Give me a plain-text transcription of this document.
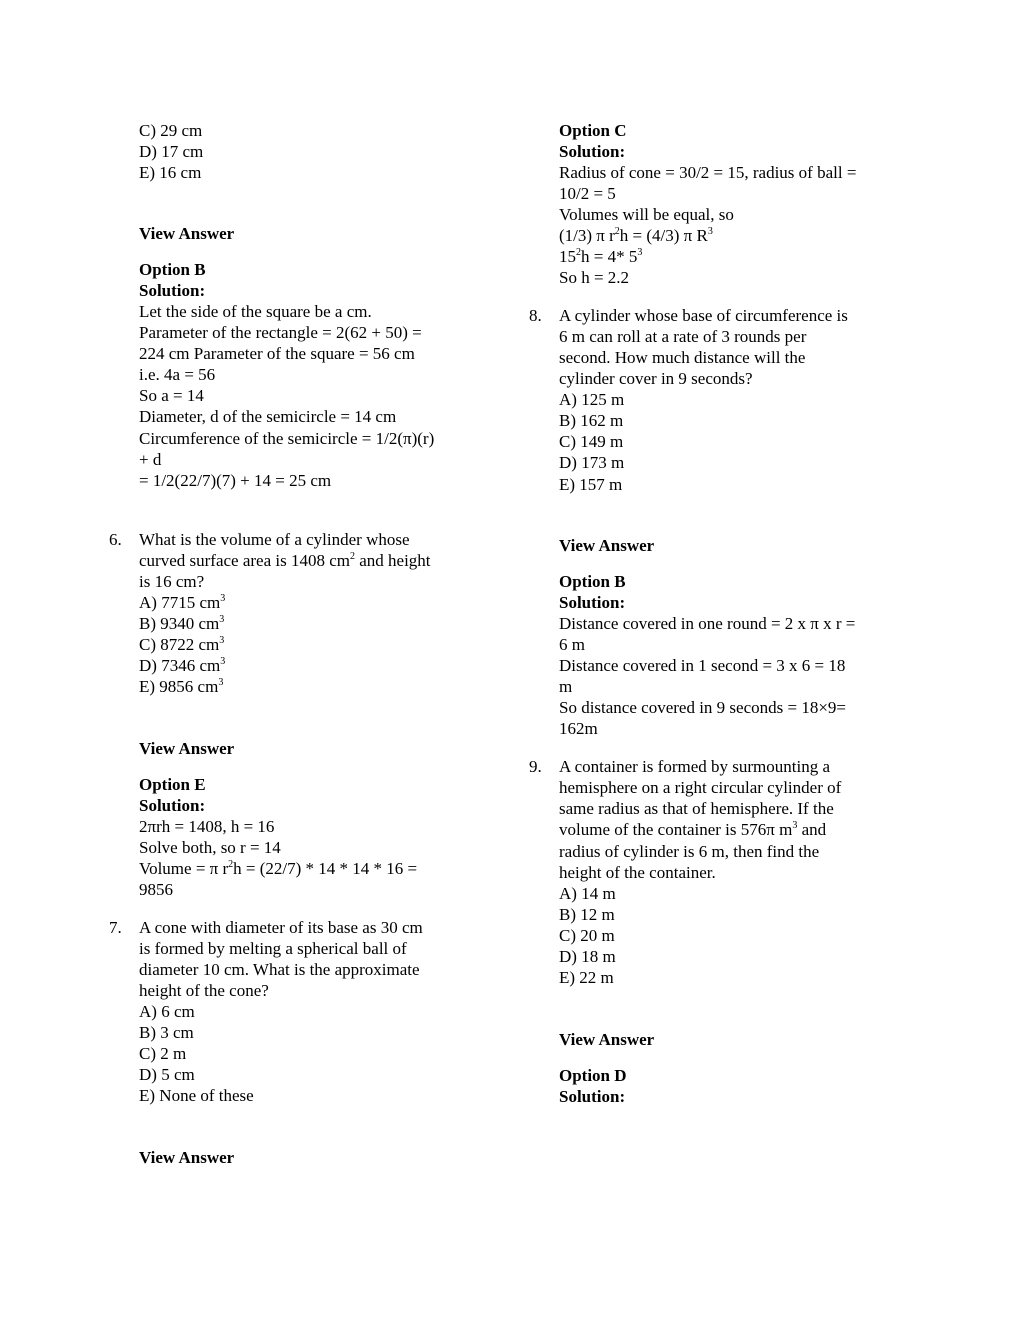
C) 29 cm
D) 17 cm
E) 16 cm
View Answer
Option B
Solution:
Let the side of the square be a cm.
Parameter of the rectangle = 2(62 + 50) =
224 cm Parameter of the square = 56 cm
i.e. 4a = 56
So a = 14
Diameter, d of the semicircle = 14 cm
Circumference of the semicircle = 1/2(π)(r)
+ d
= 1/2(22/7)(7) + 14 = 25 cm
6. What is the volume of a cylinder whose
curved surface area is 1408 $cm^2$ and height
is 16 cm?
A) 7715 $cm^3$
B) 9340 $cm^3$
C) 8722 $cm^3$
D) 7346 $cm^3$
E) 9856 $cm^3$
View Answer
Option E
Solution:
2πrh = 1408, h = 16
Solve both, so r = 14
Volume = π $r^2h = (22/7) * 14 * 14 * 16$ =
9856
7. A cone with diameter of its base as 30 cm
is formed by melting a spherical ball of
diameter 10 cm. What is the approximate
height of the cone?
A) 6 cm
B) 3 cm
C) 2 m
D) 5 cm
E) None of these
View Answer
Option C
Solution:
Radius of cone = 30/2 = 15, radius of ball =
10/2 = 5
Volumes will be equal, so
(1/3) π $r^2h = (4/3)$ π $R^3$
$15^2h = 4*$ $5^3$
So h = 2.2
8. A cylinder whose base of circumference is
6 m can roll at a rate of 3 rounds per
second. How much distance will the
cylinder cover in 9 seconds?
A) 125 m
B) 162 m
C) 149 m
D) 173 m
E) 157 m
View Answer
Option B
Solution:
Distance covered in one round = 2 x π x r =
6 m
Distance covered in 1 second = 3 x 6 = 18
m
So distance covered in 9 seconds = 18×9=
162m
9. A container is formed by surmounting a
hemisphere on a right circular cylinder of
same radius as that of hemisphere. If the
volume of the container is 576π $m^3$ and
radius of cylinder is 6 m, then find the
height of the container.
A) 14 m
B) 12 m
C) 20 m
D) 18 m
E) 22 m
View Answer
Option D
Solution:
